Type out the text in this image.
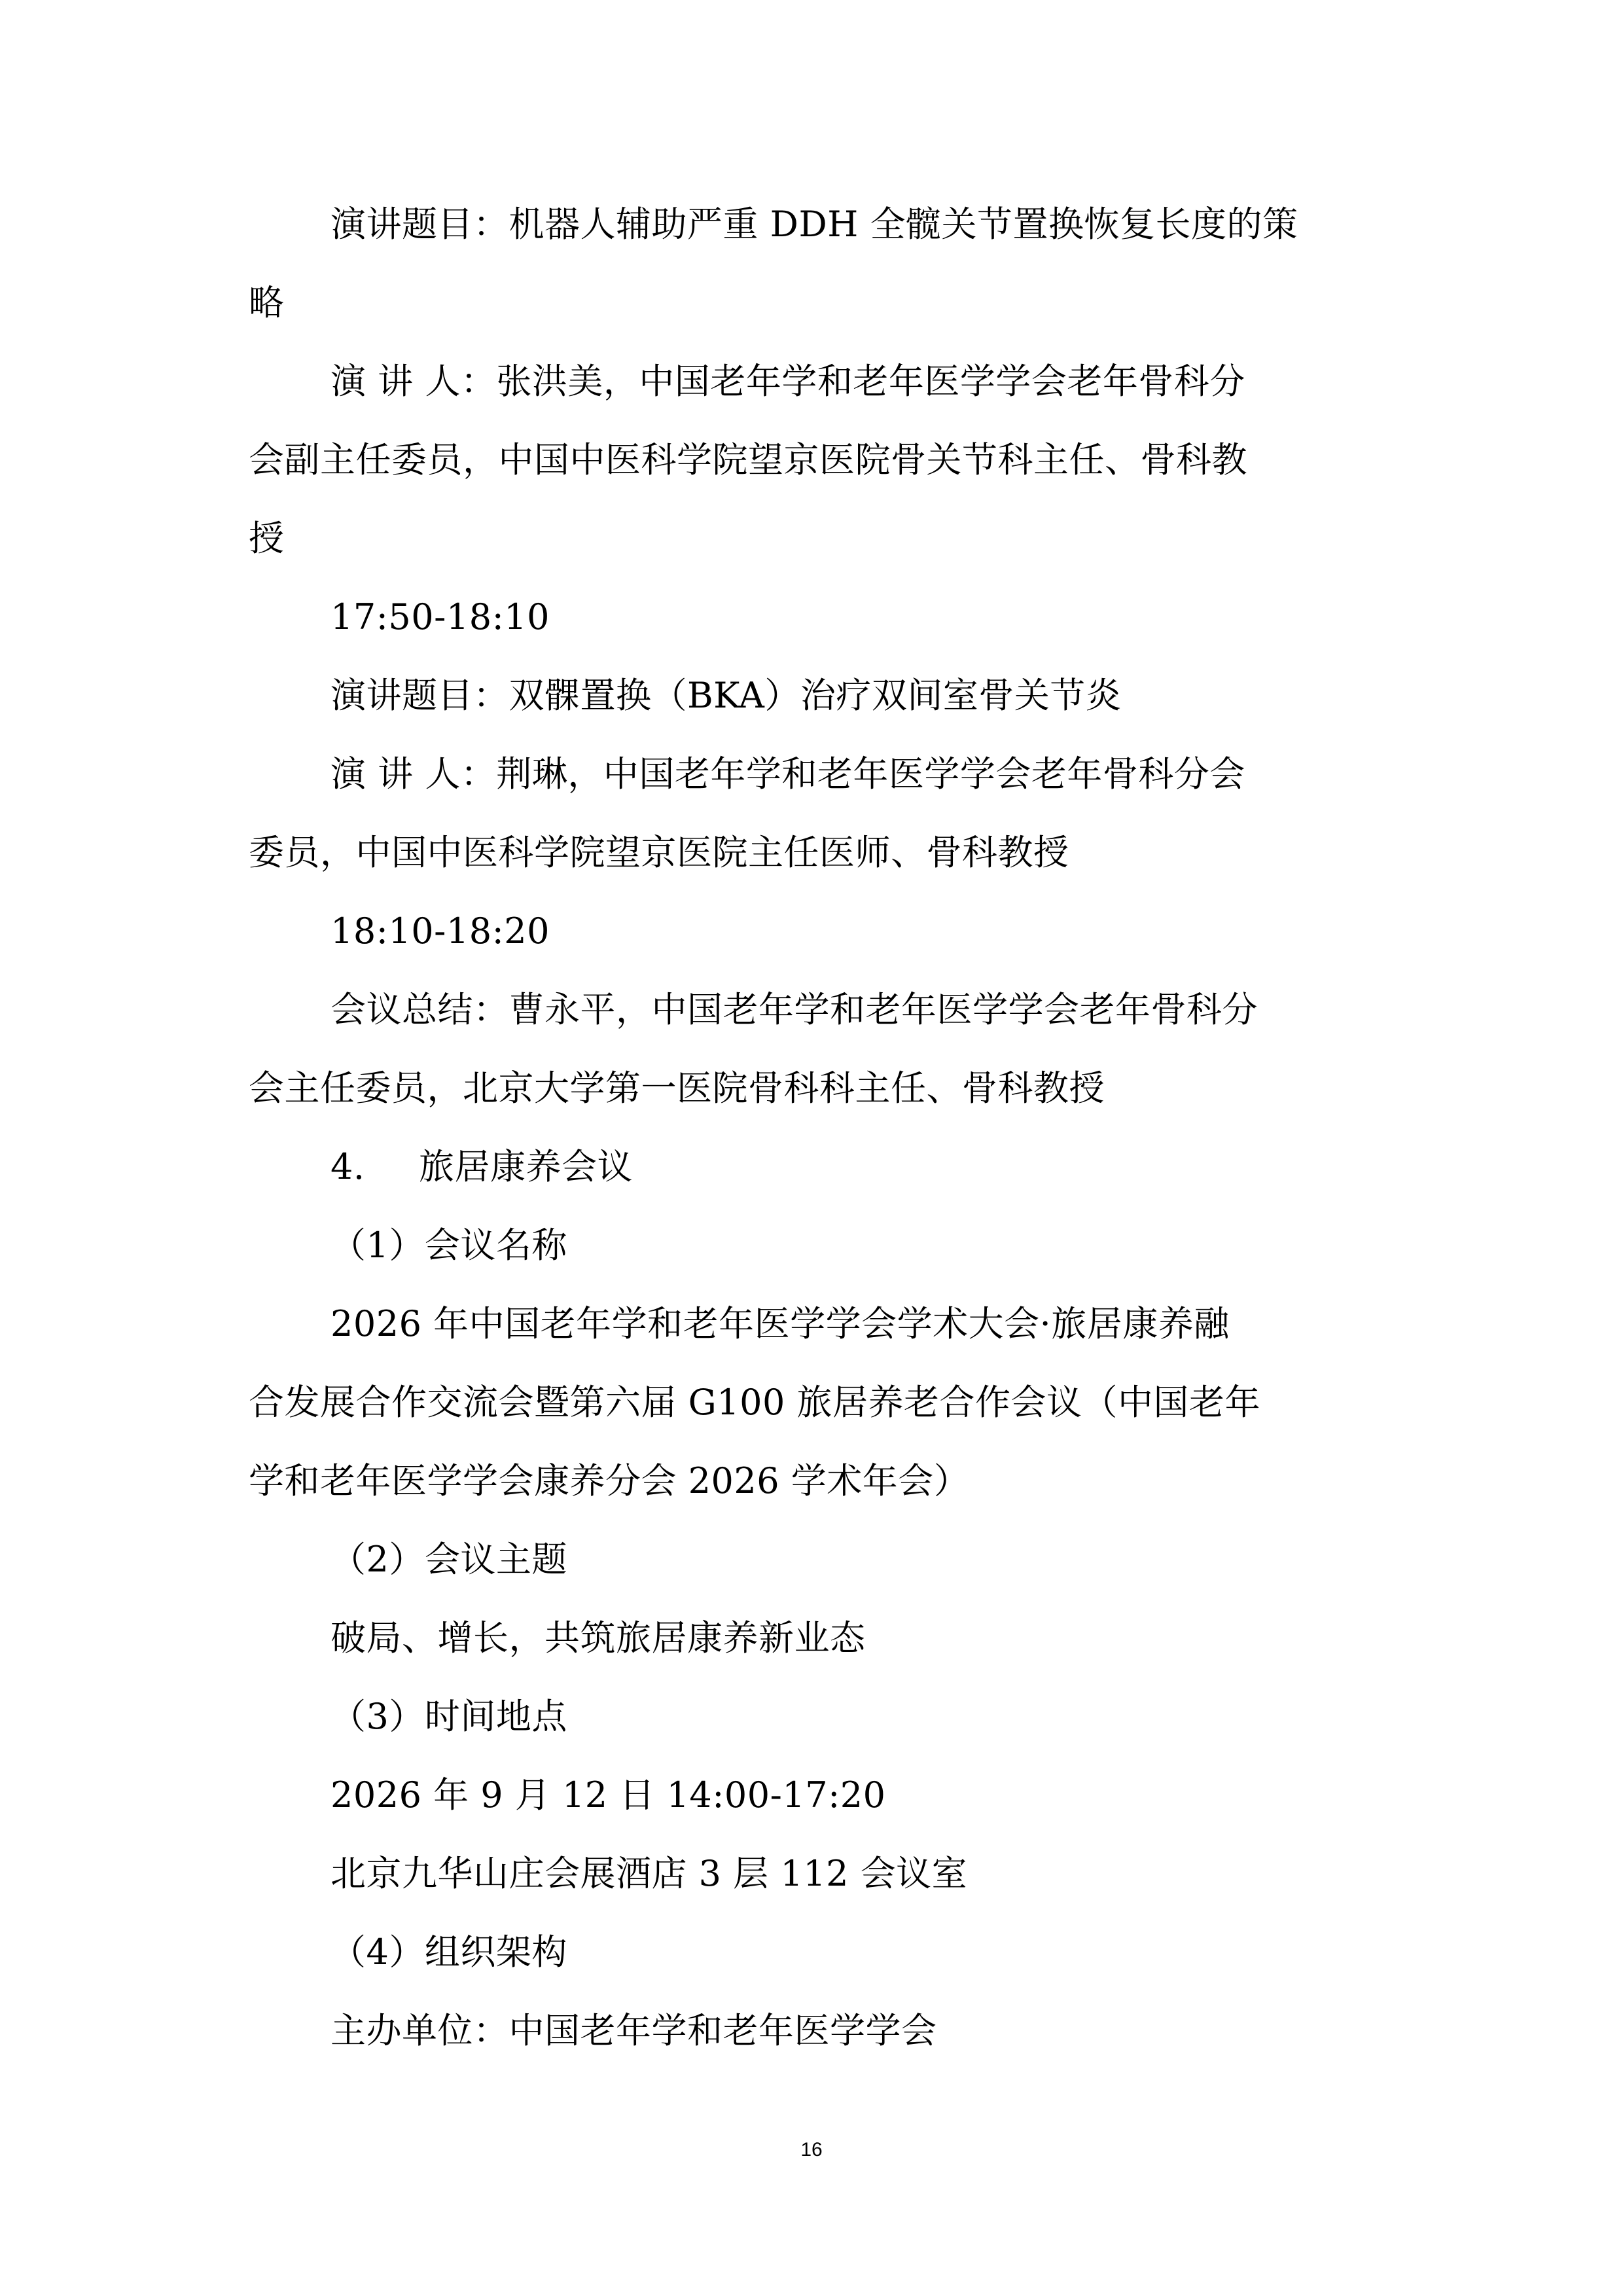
演讲题目：机器人辅助严重 DDH 全髋关节置换恢复长度的策
略
演 讲 人：张洪美，中国老年学和老年医学学会老年骨科分
会副主任委员，中国中医科学院望京医院骨关节科主任、骨科教
授
17:50-18:10
演讲题目：双髁置换（BKA）治疗双间室骨关节炎
演 讲 人：荆琳，中国老年学和老年医学学会老年骨科分会
委员，中国中医科学院望京医院主任医师、骨科教授
18:10-18:20
会议总结：曹永平，中国老年学和老年医学学会老年骨科分
会主任委员，北京大学第一医院骨科科主任、骨科教授
4. 旅居康养会议
（1）会议名称
2026 年中国老年学和老年医学学会学术大会·旅居康养融
合发展合作交流会暨第六届 G100 旅居养老合作会议（中国老年
学和老年医学学会康养分会 2026 学术年会）
（2）会议主题
破局、增长，共筑旅居康养新业态
（3）时间地点
2026 年 9 月 12 日 14:00-17:20
北京九华山庄会展酒店 3 层 112 会议室
（4）组织架构
主办单位：中国老年学和老年医学学会
16
